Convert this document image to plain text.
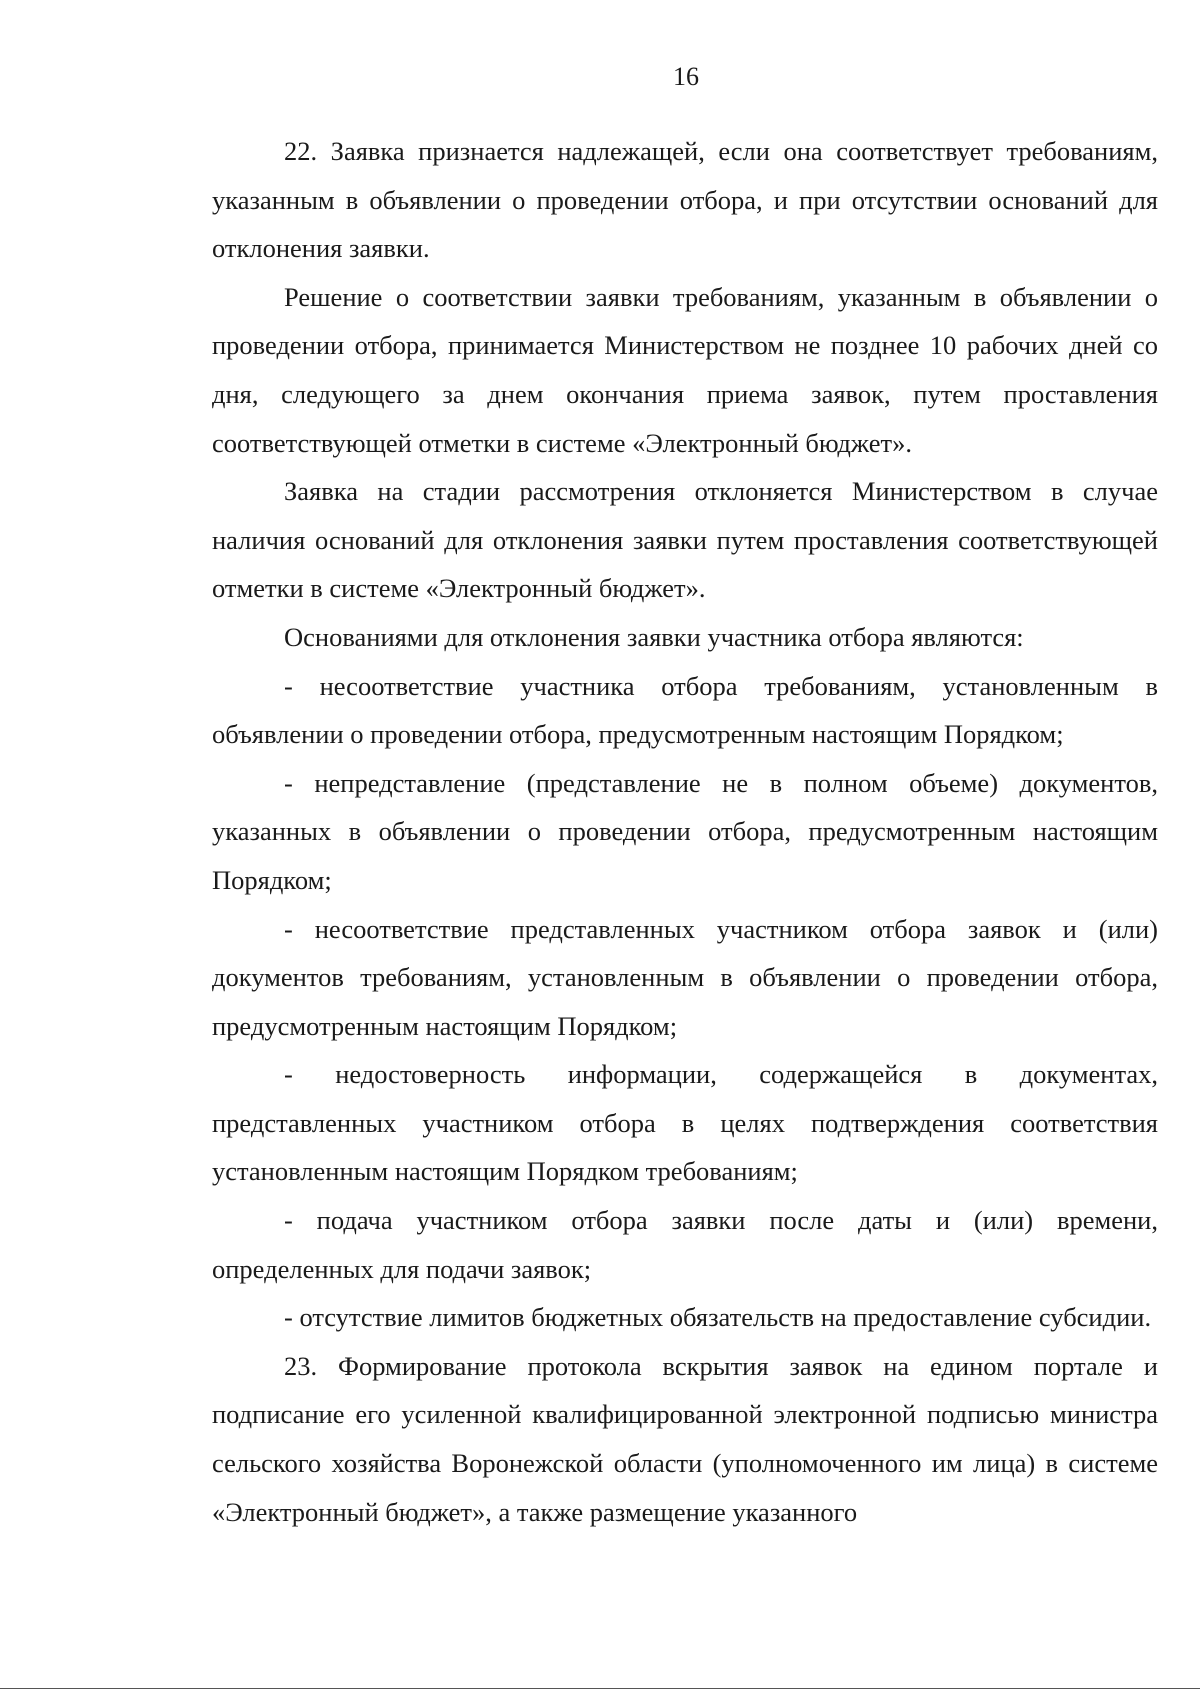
16

22. Заявка признается надлежащей, если она соответствует требованиям, указанным в объявлении о проведении отбора, и при отсутствии оснований для отклонения заявки.

Решение о соответствии заявки требованиям, указанным в объявлении о проведении отбора, принимается Министерством не позднее 10 рабочих дней со дня, следующего за днем окончания приема заявок, путем проставления соответствующей отметки в системе «Электронный бюджет».

Заявка на стадии рассмотрения отклоняется Министерством в случае наличия оснований для отклонения заявки путем проставления соответствующей отметки в системе «Электронный бюджет».

Основаниями для отклонения заявки участника отбора являются:

- несоответствие участника отбора требованиям, установленным в объявлении о проведении отбора, предусмотренным настоящим Порядком;

- непредставление (представление не в полном объеме) документов, указанных в объявлении о проведении отбора, предусмотренным настоящим Порядком;

- несоответствие представленных участником отбора заявок и (или) документов требованиям, установленным в объявлении о проведении отбора, предусмотренным настоящим Порядком;

- недостоверность информации, содержащейся в документах, представленных участником отбора в целях подтверждения соответствия установленным настоящим Порядком требованиям;

- подача участником отбора заявки после даты и (или) времени, определенных для подачи заявок;

- отсутствие лимитов бюджетных обязательств на предоставление субсидии.

23. Формирование протокола вскрытия заявок на едином портале и подписание его усиленной квалифицированной электронной подписью министра сельского хозяйства Воронежской области (уполномоченного им лица) в системе «Электронный бюджет», а также размещение указанного
